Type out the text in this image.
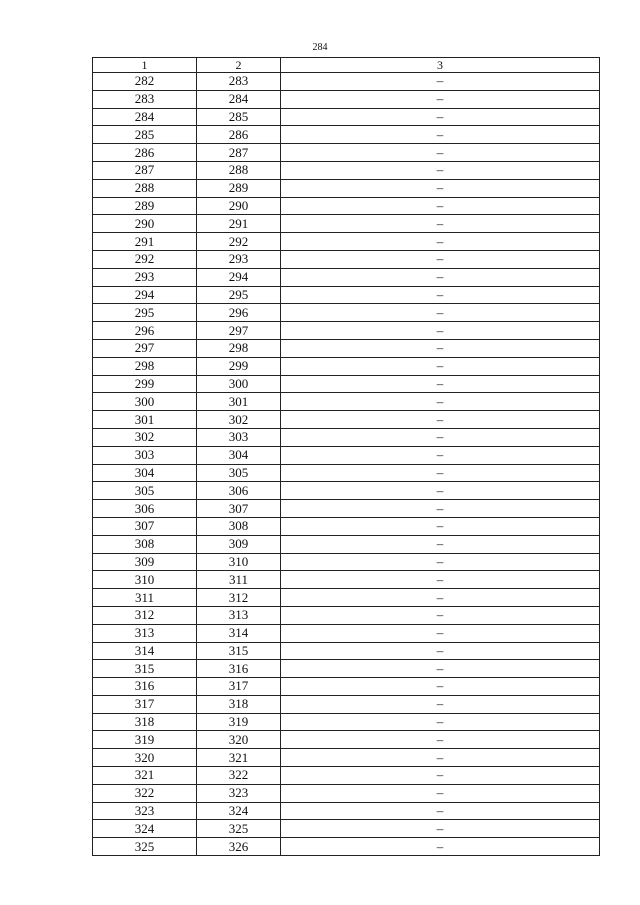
284
1	2	3
282	283	–
283	284	–
284	285	–
285	286	–
286	287	–
287	288	–
288	289	–
289	290	–
290	291	–
291	292	–
292	293	–
293	294	–
294	295	–
295	296	–
296	297	–
297	298	–
298	299	–
299	300	–
300	301	–
301	302	–
302	303	–
303	304	–
304	305	–
305	306	–
306	307	–
307	308	–
308	309	–
309	310	–
310	311	–
311	312	–
312	313	–
313	314	–
314	315	–
315	316	–
316	317	–
317	318	–
318	319	–
319	320	–
320	321	–
321	322	–
322	323	–
323	324	–
324	325	–
325	326	–
